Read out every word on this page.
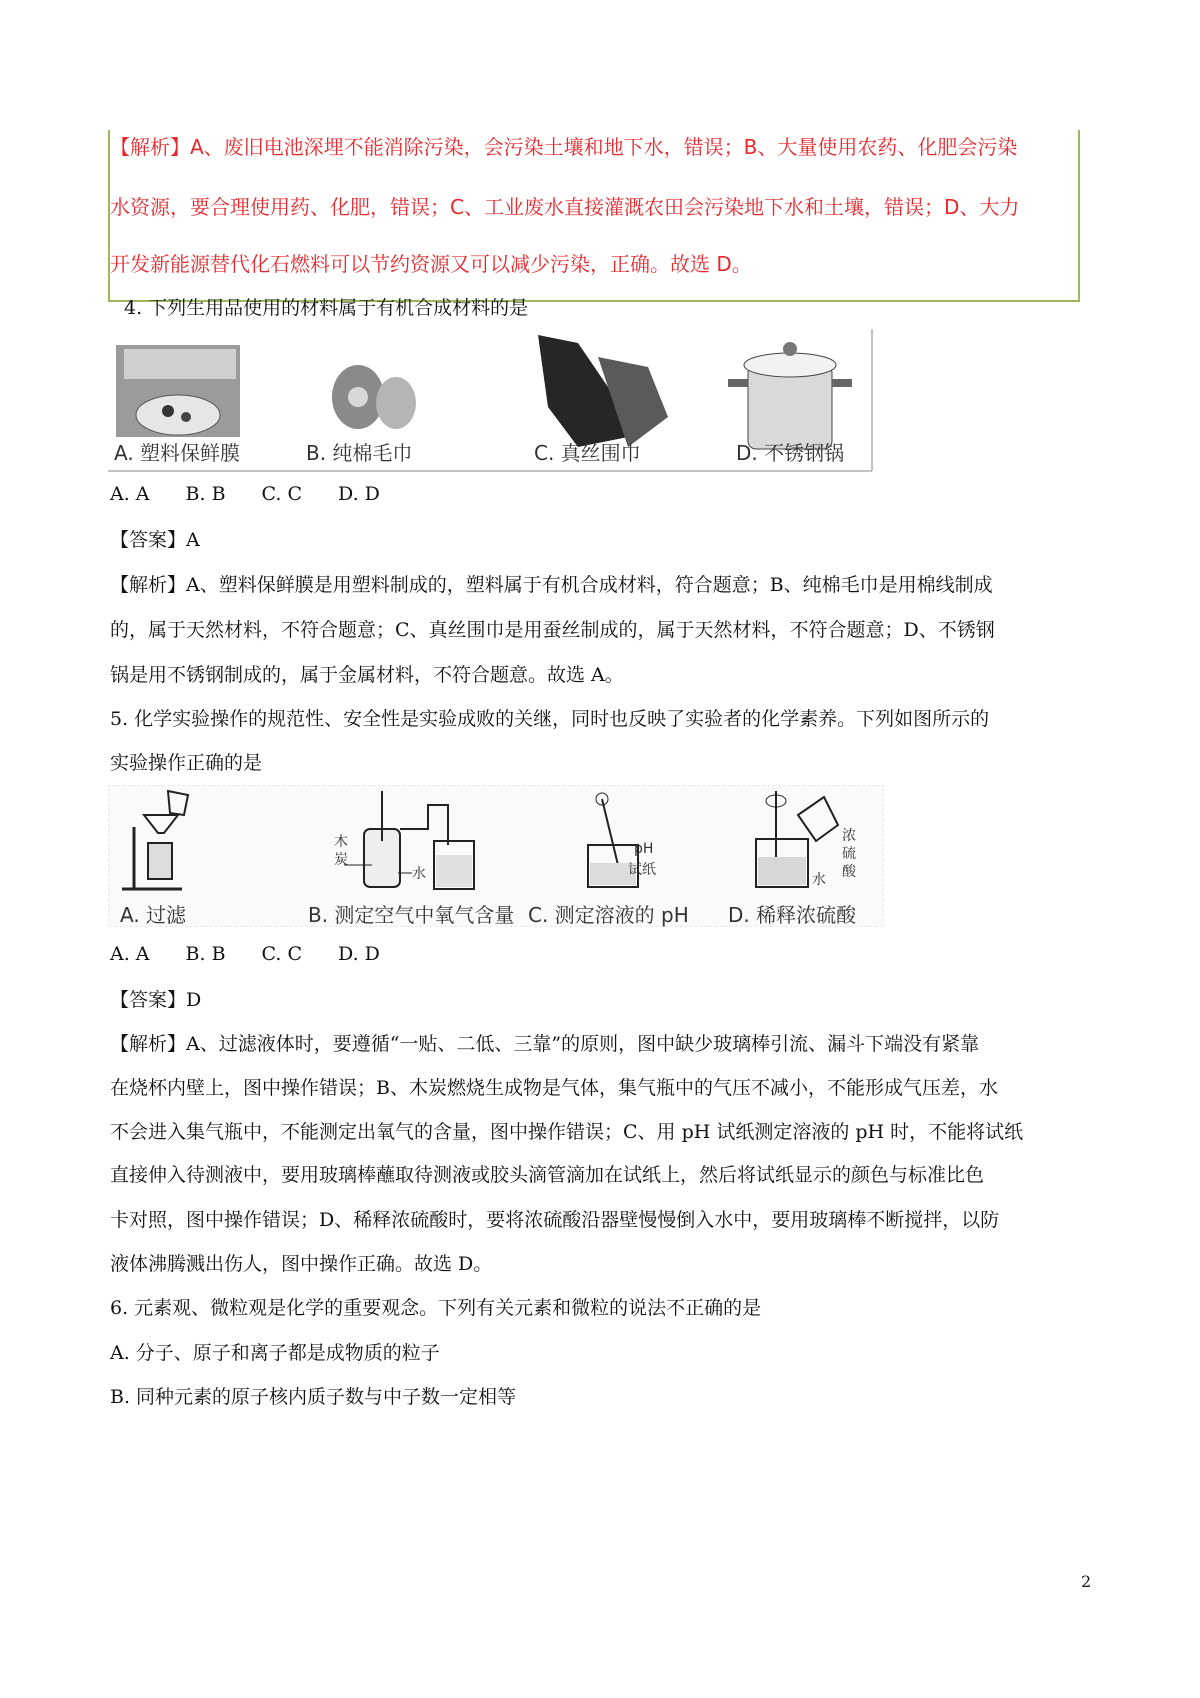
【解析】A、废旧电池深埋不能消除污染，会污染土壤和地下水，错误；B、大量使用农药、化肥会污染
水资源，要合理使用药、化肥，错误；C、工业废水直接灌溉农田会污染地下水和土壤，错误；D、大力
开发新能源替代化石燃料可以节约资源又可以减少污染，正确。故选 D。
4. 下列生用品使用的材料属于有机合成材料的是
A. 塑料保鲜膜	B. 纯棉毛巾	C. 真丝围巾	D. 不锈钢锅
A. A B. B C. C D. D
【答案】A
【解析】A、塑料保鲜膜是用塑料制成的，塑料属于有机合成材料，符合题意；B、纯棉毛巾是用棉线制成
的，属于天然材料，不符合题意；C、真丝围巾是用蚕丝制成的，属于天然材料，不符合题意；D、不锈钢
锅是用不锈钢制成的，属于金属材料，不符合题意。故选 A。
5. 化学实验操作的规范性、安全性是实验成败的关继，同时也反映了实验者的化学素养。下列如图所示的
实验操作正确的是
木
炭
水
pH
试纸
浓
硫
酸
水
A. 过滤	B. 测定空气中氧气含量 C. 测定溶液的 pH D. 稀释浓硫酸
A. A B. B C. C D. D
【答案】D
【解析】A、过滤液体时，要遵循“一贴、二低、三靠”的原则，图中缺少玻璃棒引流、漏斗下端没有紧靠
在烧杯内壁上，图中操作错误；B、木炭燃烧生成物是气体，集气瓶中的气压不减小，不能形成气压差，水
不会进入集气瓶中，不能测定出氧气的含量，图中操作错误；C、用 pH 试纸测定溶液的 pH 时，不能将试纸
直接伸入待测液中，要用玻璃棒蘸取待测液或胶头滴管滴加在试纸上，然后将试纸显示的颜色与标准比色
卡对照，图中操作错误；D、稀释浓硫酸时，要将浓硫酸沿器壁慢慢倒入水中，要用玻璃棒不断搅拌，以防
液体沸腾溅出伤人，图中操作正确。故选 D。
6. 元素观、微粒观是化学的重要观念。下列有关元素和微粒的说法不正确的是
A. 分子、原子和离子都是成物质的粒子
B. 同种元素的原子核内质子数与中子数一定相等
2
